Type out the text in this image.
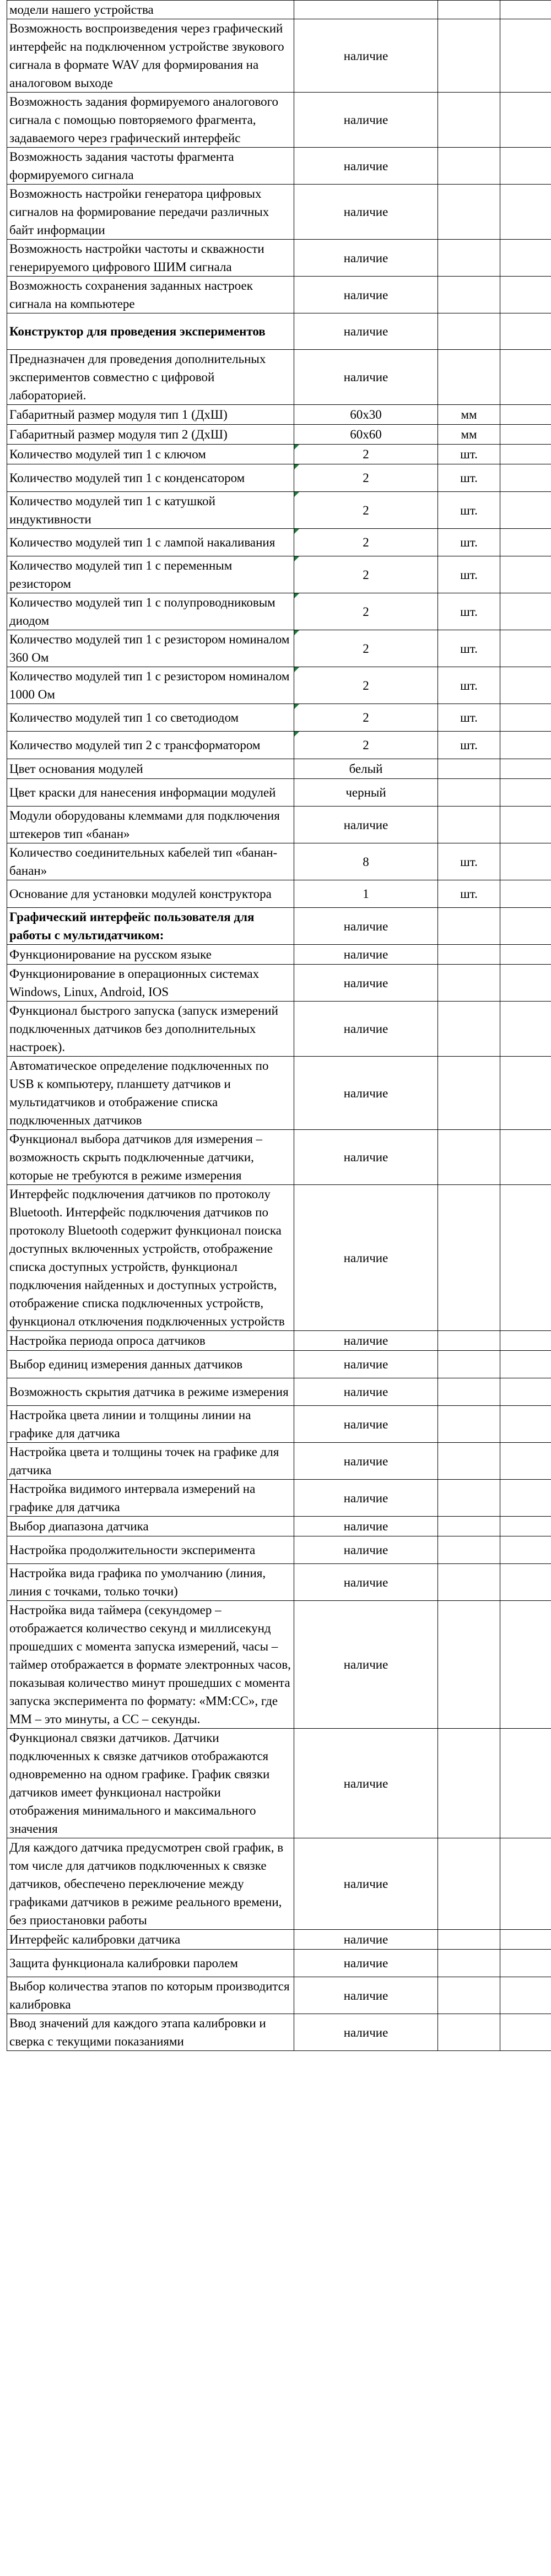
модели нашего устройства			
Возможность воспроизведения через графический интерфейс на подключенном устройстве звукового сигнала в формате WAV для формирования на аналоговом выходе	наличие		
Возможность задания формируемого аналогового сигнала с помощью повторяемого фрагмента, задаваемого через графический интерфейс	наличие		
Возможность задания частоты фрагмента формируемого сигнала	наличие		
Возможность настройки генератора цифровых сигналов на формирование передачи различных байт информации	наличие		
Возможность настройки частоты и скважности генерируемого цифрового ШИМ сигнала	наличие		
Возможность сохранения заданных настроек сигнала на компьютере	наличие		
Конструктор для проведения экспериментов	наличие		
Предназначен для проведения дополнительных экспериментов совместно с цифровой лабораторией.	наличие		
Габаритный размер модуля тип 1 (ДхШ)	60х30	мм	
Габаритный размер модуля тип 2 (ДхШ)	60х60	мм	
Количество модулей тип 1 с ключом	2	шт.	
Количество модулей тип 1 с конденсатором	2	шт.	
Количество модулей тип 1 с катушкой индуктивности	2	шт.	
Количество модулей тип 1 с лампой накаливания	2	шт.	
Количество модулей тип 1 с переменным резистором	2	шт.	
Количество модулей тип 1 с полупроводниковым диодом	2	шт.	
Количество модулей тип 1 с резистором номиналом 360 Ом	2	шт.	
Количество модулей тип 1 с резистором номиналом 1000 Ом	2	шт.	
Количество модулей тип 1 со светодиодом	2	шт.	
Количество модулей тип 2 с трансформатором	2	шт.	
Цвет основания модулей	белый		
Цвет краски для нанесения информации модулей	черный		
Модули оборудованы клеммами для подключения штекеров тип «банан»	наличие		
Количество соединительных кабелей тип «банан-банан»	8	шт.	
Основание для установки модулей конструктора	1	шт.	
Графический интерфейс пользователя для работы с мультидатчиком:	наличие		
Функционирование на русском языке	наличие		
Функционирование в операционных системах Windows, Linux, Android, IOS	наличие		
Функционал быстрого запуска (запуск измерений подключенных датчиков без дополнительных настроек).	наличие		
Автоматическое определение подключенных по USB к компьютеру, планшету датчиков и мультидатчиков и отображение списка подключенных датчиков	наличие		
Функционал выбора датчиков для измерения – возможность скрыть подключенные датчики, которые не требуются в режиме измерения	наличие		
Интерфейс подключения датчиков по протоколу Bluetooth. Интерфейс подключения датчиков по протоколу Bluetooth содержит функционал поиска доступных включенных устройств, отображение списка доступных устройств, функционал подключения найденных и доступных устройств, отображение списка подключенных устройств, функционал отключения подключенных устройств	наличие		
Настройка периода опроса датчиков	наличие		
Выбор единиц измерения данных датчиков	наличие		
Возможность скрытия датчика в режиме измерения	наличие		
Настройка цвета линии и толщины линии на графике для датчика	наличие		
Настройка цвета и толщины точек на графике для датчика	наличие		
Настройка видимого интервала измерений на графике для датчика	наличие		
Выбор диапазона датчика	наличие		
Настройка продолжительности эксперимента	наличие		
Настройка вида графика по умолчанию (линия, линия с точками, только точки)	наличие		
Настройка вида таймера (секундомер – отображается количество секунд и миллисекунд прошедших с момента запуска измерений, часы – таймер отображается в формате электронных часов, показывая количество минут прошедших с момента запуска эксперимента по формату: «ММ:СС», где ММ – это минуты, а СС – секунды.	наличие		
Функционал связки датчиков. Датчики подключенных к связке датчиков отображаются одновременно на одном графике. График связки датчиков имеет функционал настройки отображения минимального и максимального значения	наличие		
Для каждого датчика предусмотрен свой график, в том числе для датчиков подключенных к связке датчиков, обеспечено переключение между графиками датчиков в режиме реального времени, без приостановки работы	наличие		
Интерфейс калибровки датчика	наличие		
Защита функционала калибровки паролем	наличие		
Выбор количества этапов по которым производится калибровка	наличие		
Ввод значений для каждого этапа калибровки и сверка с текущими показаниями	наличие		
